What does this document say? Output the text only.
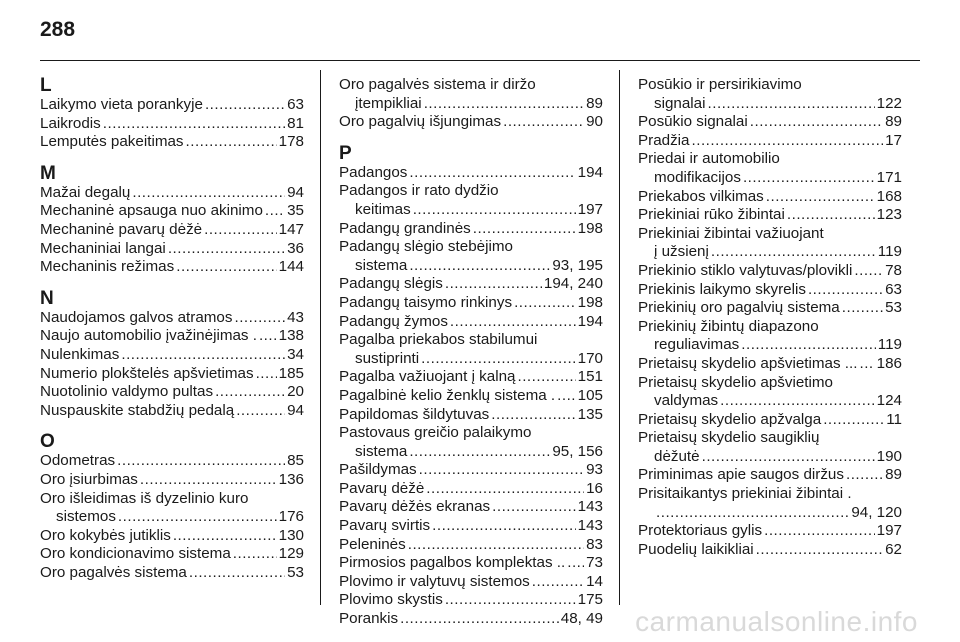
288
L
Laikymo vieta porankyje .....	63
Laikrodis .....	81
Lemputės pakeitimas .....	178
M
Mažai degalų .....	94
Mechaninė apsauga nuo akinimo ..... 35
Mechaninė pavarų dėžė .....	147
Mechaniniai langai .....	36
Mechaninis režimas .....	144
N
Naudojamos galvos atramos .....	43
Naujo automobilio įvažinėjimas . ..... 138
Nulenkimas .....	34
Numerio plokštelės apšvietimas ..... 185
Nuotolinio valdymo pultas .....	20
Nuspauskite stabdžių pedalą .....	94
O
Odometras .....	85
Oro įsiurbimas .....	136
Oro išleidimas iš dyzelinio kuro
sistemos .....	176
Oro kokybės jutiklis .....	130
Oro kondicionavimo sistema .....	129
Oro pagalvės sistema .....	53
Oro pagalvės sistema ir diržo
įtempikliai .....	89
Oro pagalvių išjungimas .....	90
P
Padangos .....	194
Padangos ir rato dydžio
keitimas .....	197
Padangų grandinės .....	198
Padangų slėgio stebėjimo
sistema .....	93, 195
Padangų slėgis .....	194, 240
Padangų taisymo rinkinys .....	198
Padangų žymos .....	194
Pagalba priekabos stabilumui
sustiprinti .....	170
Pagalba važiuojant į kalną .....	151
Pagalbinė kelio ženklų sistema . ..... 105
Papildomas šildytuvas .....	135
Pastovaus greičio palaikymo
sistema .....	95, 156
Pašildymas .....	93
Pavarų dėžė .....	16
Pavarų dėžės ekranas .....	143
Pavarų svirtis .....	143
Peleninės .....	83
Pirmosios pagalbos komplektas .. ..... 73
Plovimo ir valytuvų sistemos .....	14
Plovimo skystis .....	175
Porankis .....	48, 49
Posūkio ir persirikiavimo
signalai .....	122
Posūkio signalai .....	89
Pradžia .....	17
Priedai ir automobilio
modifikacijos .....	171
Priekabos vilkimas .....	168
Priekiniai rūko žibintai .....	123
Priekiniai žibintai važiuojant
į užsienį .....	119
Priekinio stiklo valytuvas/plovikli ..... 78
Priekinis laikymo skyrelis .....	63
Priekinių oro pagalvių sistema .....	53
Priekinių žibintų diapazono
reguliavimas .....	119
Prietaisų skydelio apšvietimas ... ..... 186
Prietaisų skydelio apšvietimo
valdymas .....	124
Prietaisų skydelio apžvalga .....	11
Prietaisų skydelio saugiklių
dėžutė .....	190
Priminimas apie saugos diržus .....	89
Prisitaikantys priekiniai žibintai .
.....
94, 120
Protektoriaus gylis .....	197
Puodelių laikikliai .....	62
carmanualsonline.info
